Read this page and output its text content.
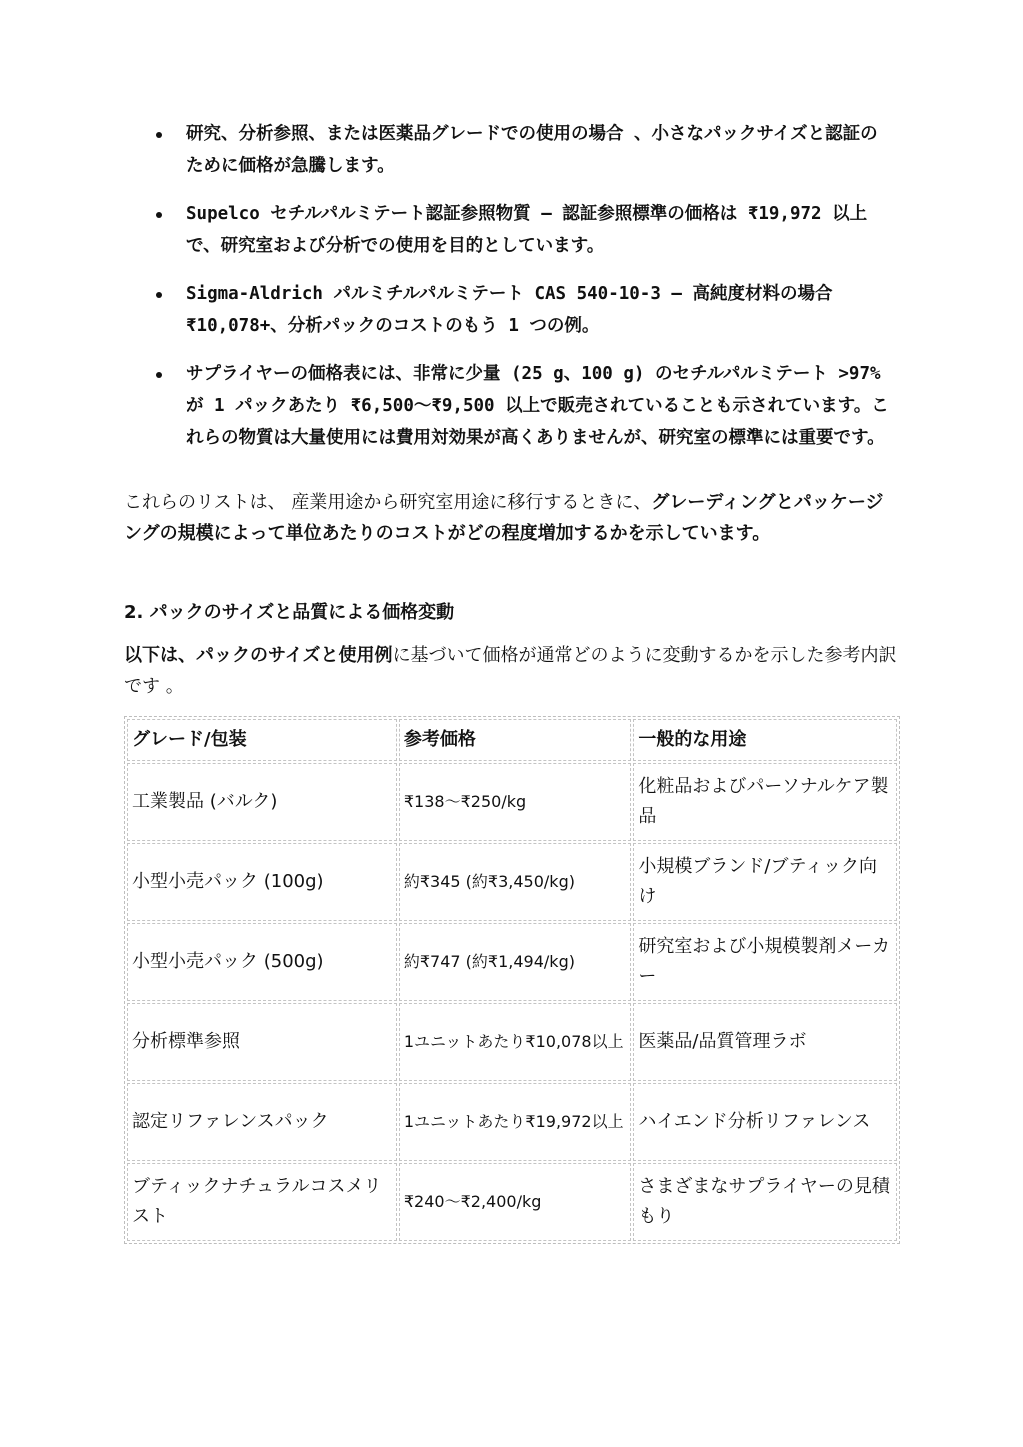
研究、分析参照、または医薬品グレードでの使用の場合 、小さなパックサイズと認証のために価格が急騰します。
Supelco セチルパルミテート認証参照物質 – 認証参照標準の価格は ₹19,972 以上で、研究室および分析での使用を目的としています。
Sigma-Aldrich パルミチルパルミテート CAS 540-10-3 – 高純度材料の場合 ₹10,078+、分析パックのコストのもう 1 つの例。
サプライヤーの価格表には、非常に少量 (25 g、100 g) のセチルパルミテート >97% が 1 パックあたり ₹6,500～₹9,500 以上で販売されていることも示されています。これらの物質は大量使用には費用対効果が高くありませんが、研究室の標準には重要です。

これらのリストは、 産業用途から研究室用途に移行するときに、グレーディングとパッケージングの規模によって単位あたりのコストがどの程度増加するかを示しています。

2. パックのサイズと品質による価格変動

以下は、パックのサイズと使用例に基づいて価格が通常どのように変動するかを示した参考内訳です 。

グレード/包装	参考価格	一般的な用途
工業製品 (バルク)	₹138～₹250/kg	化粧品およびパーソナルケア製品
小型小売パック (100g)	約₹345 (約₹3,450/kg)	小規模ブランド/ブティック向け
小型小売パック (500g)	約₹747 (約₹1,494/kg)	研究室および小規模製剤メーカー
分析標準参照	1ユニットあたり₹10,078以上	医薬品/品質管理ラボ
認定リファレンスパック	1ユニットあたり₹19,972以上	ハイエンド分析リファレンス
ブティックナチュラルコスメリスト	₹240～₹2,400/kg	さまざまなサプライヤーの見積もり
